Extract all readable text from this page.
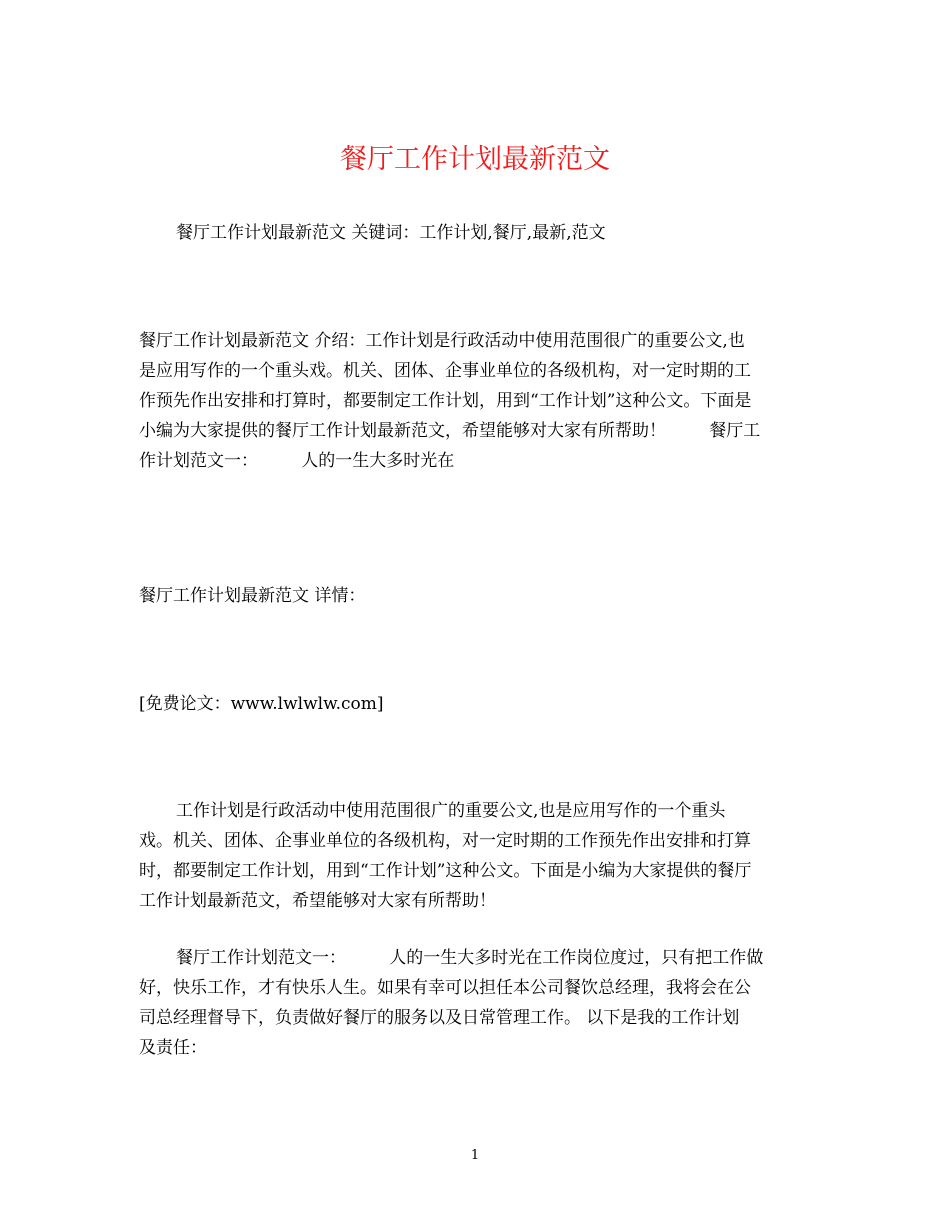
餐厅工作计划最新范文

餐厅工作计划最新范文 关键词：工作计划,餐厅,最新,范文

餐厅工作计划最新范文 介绍：工作计划是行政活动中使用范围很广的重要公文,也
是应用写作的一个重头戏。机关、团体、企事业单位的各级机构，对一定时期的工
作预先作出安排和打算时，都要制定工作计划，用到“工作计划”这种公文。下面是
小编为大家提供的餐厅工作计划最新范文，希望能够对大家有所帮助！        餐厅工
作计划范文一：        人的一生大多时光在

餐厅工作计划最新范文 详情：

[免费论文：www.lwlwlw.com]

工作计划是行政活动中使用范围很广的重要公文,也是应用写作的一个重头
戏。机关、团体、企事业单位的各级机构，对一定时期的工作预先作出安排和打算
时，都要制定工作计划，用到“工作计划”这种公文。下面是小编为大家提供的餐厅
工作计划最新范文，希望能够对大家有所帮助！

餐厅工作计划范文一：        人的一生大多时光在工作岗位度过，只有把工作做
好，快乐工作，才有快乐人生。如果有幸可以担任本公司餐饮总经理，我将会在公
司总经理督导下，负责做好餐厅的服务以及日常管理工作。 以下是我的工作计划
及责任：

1
